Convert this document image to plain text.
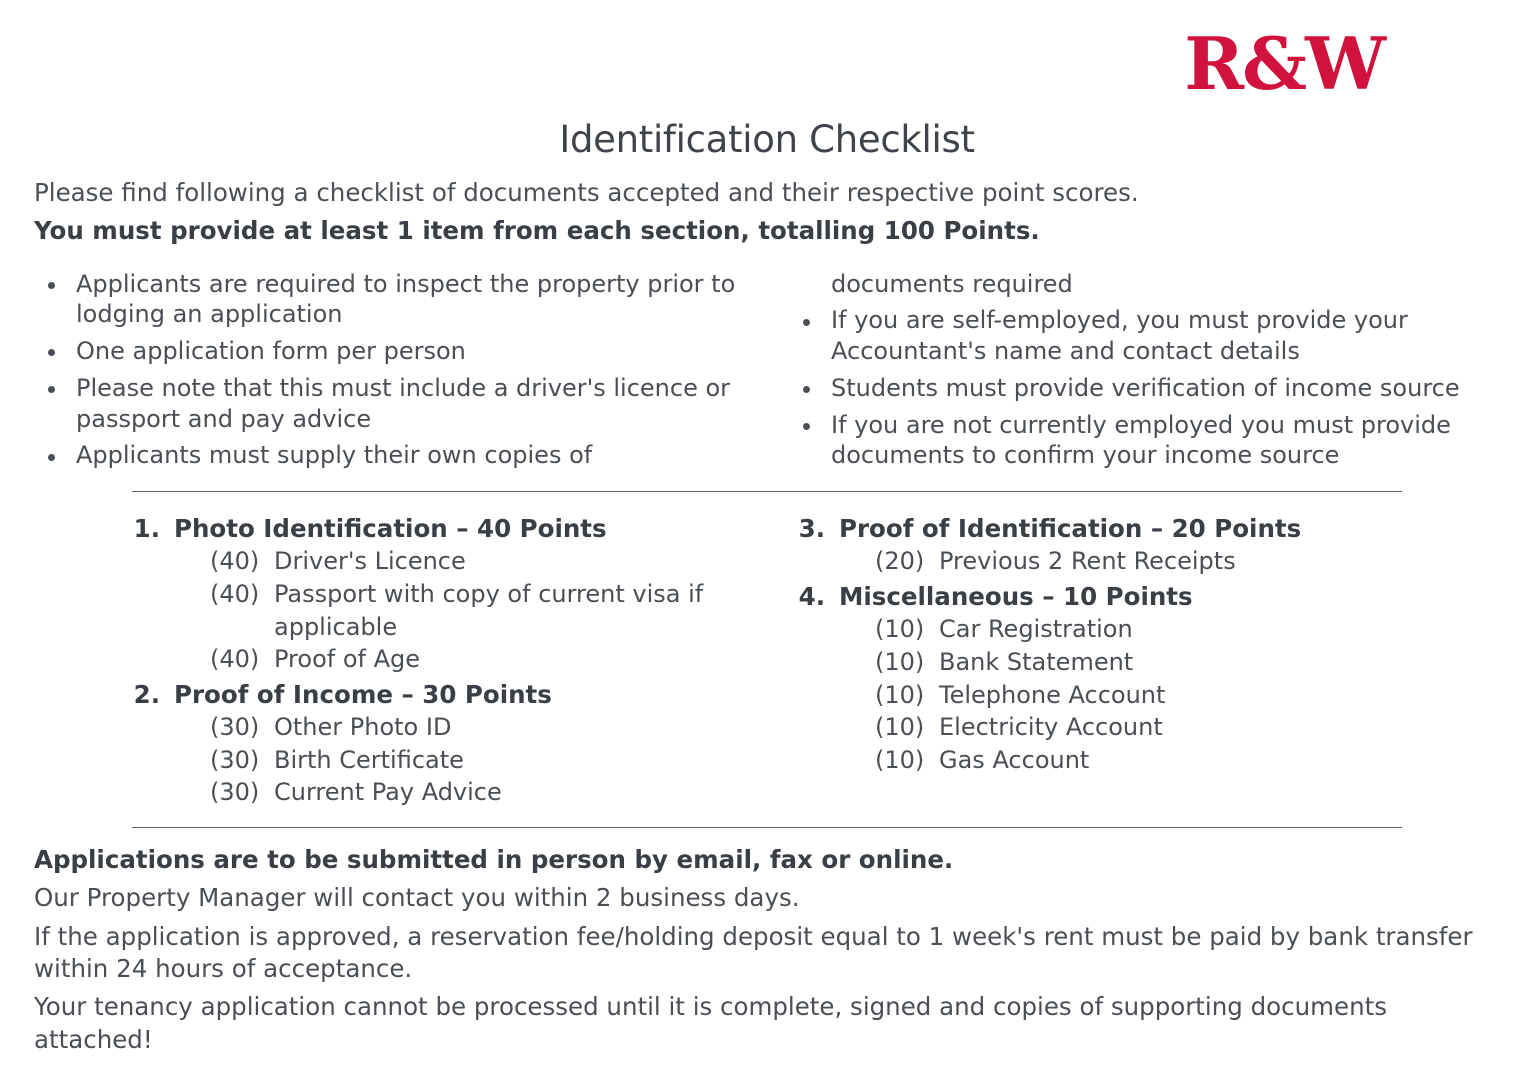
R&W
Identification Checklist
Please find following a checklist of documents accepted and their respective point scores.
You must provide at least 1 item from each section, totalling 100 Points.
Applicants are required to inspect the property prior to lodging an application
One application form per person
Please note that this must include a driver's licence or passport and pay advice
Applicants must supply their own copies of
documents required
If you are self-employed, you must provide your Accountant's name and contact details
Students must provide verification of income source
If you are not currently employed you must provide documents to confirm your income source
1. Photo Identification – 40 Points
(40) Driver's Licence
(40) Passport with copy of current visa if applicable
(40) Proof of Age
2. Proof of Income – 30 Points
(30) Other Photo ID
(30) Birth Certificate
(30) Current Pay Advice
3. Proof of Identification – 20 Points
(20) Previous 2 Rent Receipts
4. Miscellaneous – 10 Points
(10) Car Registration
(10) Bank Statement
(10) Telephone Account
(10) Electricity Account
(10) Gas Account

Applications are to be submitted in person by email, fax or online.

Our Property Manager will contact you within 2 business days.

If the application is approved, a reservation fee/holding deposit equal to 1 week's rent must be paid by bank transfer within 24 hours of acceptance.

Your tenancy application cannot be processed until it is complete, signed and copies of supporting documents attached!
